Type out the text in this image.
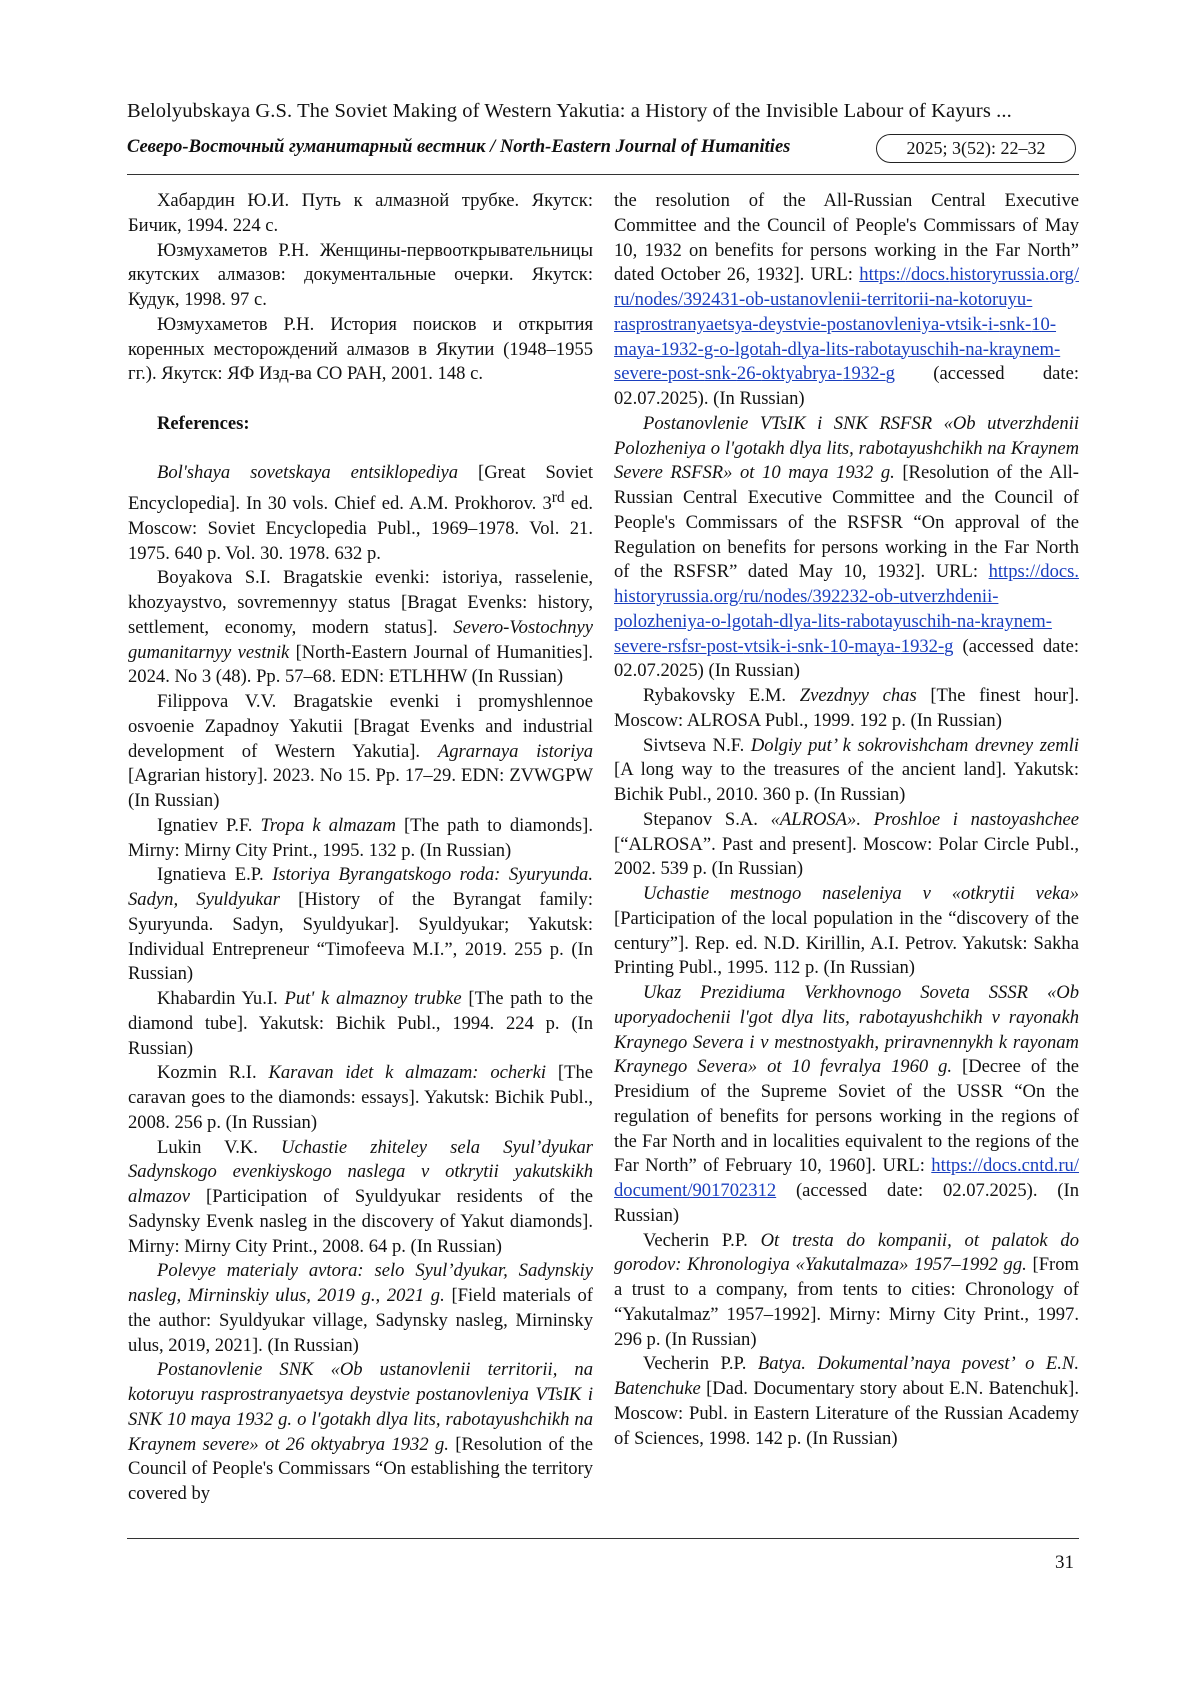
Belolyubskaya G.S. The Soviet Making of Western Yakutia: a History of the Invisible Labour of Kayurs ...
Северо-Восточный гуманитарный вестник / North-Eastern Journal of Humanities	2025; 3(52): 22–32

Хабардин Ю.И. Путь к алмазной трубке. Якутск: Бичик, 1994. 224 с.

Юзмухаметов Р.Н. Женщины-первооткрывательницы якутских алмазов: документальные очерки. Якутск: Кудук, 1998. 97 с.

Юзмухаметов Р.Н. История поисков и открытия коренных месторождений алмазов в Якутии (1948–1955 гг.). Якутск: ЯФ Изд-ва СО РАН, 2001. 148 с.

References:

Bol'shaya sovetskaya entsiklopediya [Great Soviet Encyclopedia]. In 30 vols. Chief ed. A.M. Prokhorov. 3rd ed. Moscow: Soviet Encyclopedia Publ., 1969–1978. Vol. 21. 1975. 640 p. Vol. 30. 1978. 632 p.

Boyakova S.I. Bragatskie evenki: istoriya, rasselenie, khozyaystvo, sovremennyy status [Bragat Evenks: history, settlement, economy, modern status]. Severo-Vostochnyy gumanitarnyy vestnik [North-Eastern Journal of Humanities]. 2024. No 3 (48). Pp. 57–68. EDN: ETLHHW (In Russian)

Filippova V.V. Bragatskie evenki i promyshlennoe osvoenie Zapadnoy Yakutii [Bragat Evenks and industrial development of Western Yakutia]. Agrarnaya istoriya [Agrarian history]. 2023. No 15. Pp. 17–29. EDN: ZVWGPW (In Russian)

Ignatiev P.F. Tropa k almazam [The path to diamonds]. Mirny: Mirny City Print., 1995. 132 p. (In Russian)

Ignatieva E.P. Istoriya Byrangatskogo roda: Syuryunda. Sadyn, Syuldyukar [History of the Byrangat family: Syuryunda. Sadyn, Syuldyukar]. Syuldyukar; Yakutsk: Individual Entrepreneur “Timofeeva M.I.”, 2019. 255 p. (In Russian)

Khabardin Yu.I. Put' k almaznoy trubke [The path to the diamond tube]. Yakutsk: Bichik Publ., 1994. 224 p. (In Russian)

Kozmin R.I. Karavan idet k almazam: ocherki [The caravan goes to the diamonds: essays]. Yakutsk: Bichik Publ., 2008. 256 p. (In Russian)

Lukin V.K. Uchastie zhiteley sela Syul’dyukar Sadynskogo evenkiyskogo naslega v otkrytii yakutskikh almazov [Participation of Syuldyukar residents of the Sadynsky Evenk nasleg in the discovery of Yakut diamonds]. Mirny: Mirny City Print., 2008. 64 p. (In Russian)

Polevye materialy avtora: selo Syul’dyukar, Sadynskiy nasleg, Mirninskiy ulus, 2019 g., 2021 g. [Field materials of the author: Syuldyukar village, Sadynsky nasleg, Mirninsky ulus, 2019, 2021]. (In Russian)

Postanovlenie SNK «Ob ustanovlenii territorii, na kotoruyu rasprostranyaetsya deystvie postanovleniya VTsIK i SNK 10 maya 1932 g. o l'gotakh dlya lits, rabotayushchikh na Kraynem severe» ot 26 oktyabrya 1932 g. [Resolution of the Council of People's Commissars “On establishing the territory covered by

the resolution of the All-Russian Central Executive Committee and the Council of People's Commissars of May 10, 1932 on benefits for persons working in the Far North” dated October 26, 1932]. URL: https://docs.historyrussia.org/ru/nodes/392431-ob-ustanovlenii-territorii-na-kotoruyu-rasprostranyaetsya-deystvie-postanovleniya-vtsik-i-snk-10-maya-1932-g-o-lgotah-dlya-lits-rabotayuschih-na-kraynem-severe-post-snk-26-oktyabrya-1932-g (accessed date: 02.07.2025). (In Russian)

Postanovlenie VTsIK i SNK RSFSR «Ob utverzhdenii Polozheniya o l'gotakh dlya lits, rabotayushchikh na Kraynem Severe RSFSR» ot 10 maya 1932 g. [Resolution of the All-Russian Central Executive Committee and the Council of People's Commissars of the RSFSR “On approval of the Regulation on benefits for persons working in the Far North of the RSFSR” dated May 10, 1932]. URL: https://docs.historyrussia.org/ru/nodes/392232-ob-utverzhdenii-polozheniya-o-lgotah-dlya-lits-rabotayuschih-na-kraynem-severe-rsfsr-post-vtsik-i-snk-10-maya-1932-g (accessed date: 02.07.2025) (In Russian)

Rybakovsky E.M. Zvezdnyy chas [The finest hour]. Moscow: ALROSA Publ., 1999. 192 p. (In Russian)

Sivtseva N.F. Dolgiy put’ k sokrovishcham drevney zemli [A long way to the treasures of the ancient land]. Yakutsk: Bichik Publ., 2010. 360 p. (In Russian)

Stepanov S.A. «ALROSA». Proshloe i nastoyashchee [“ALROSA”. Past and present]. Moscow: Polar Circle Publ., 2002. 539 p. (In Russian)

Uchastie mestnogo naseleniya v «otkrytii veka» [Participation of the local population in the “discovery of the century”]. Rep. ed. N.D. Kirillin, A.I. Petrov. Yakutsk: Sakha Printing Publ., 1995. 112 p. (In Russian)

Ukaz Prezidiuma Verkhovnogo Soveta SSSR «Ob uporyadochenii l'got dlya lits, rabotayushchikh v rayonakh Kraynego Severa i v mestnostyakh, priravnennykh k rayonam Kraynego Severa» ot 10 fevralya 1960 g. [Decree of the Presidium of the Supreme Soviet of the USSR “On the regulation of benefits for persons working in the regions of the Far North and in localities equivalent to the regions of the Far North” of February 10, 1960]. URL: https://docs.cntd.ru/document/901702312 (accessed date: 02.07.2025). (In Russian)

Vecherin P.P. Ot tresta do kompanii, ot palatok do gorodov: Khronologiya «Yakutalmaza» 1957–1992 gg. [From a trust to a company, from tents to cities: Chronology of “Yakutalmaz” 1957–1992]. Mirny: Mirny City Print., 1997. 296 p. (In Russian)

Vecherin P.P. Batya. Dokumental’naya povest’ o E.N. Batenchuke [Dad. Documentary story about E.N. Batenchuk]. Moscow: Publ. in Eastern Literature of the Russian Academy of Sciences, 1998. 142 p. (In Russian)

31
